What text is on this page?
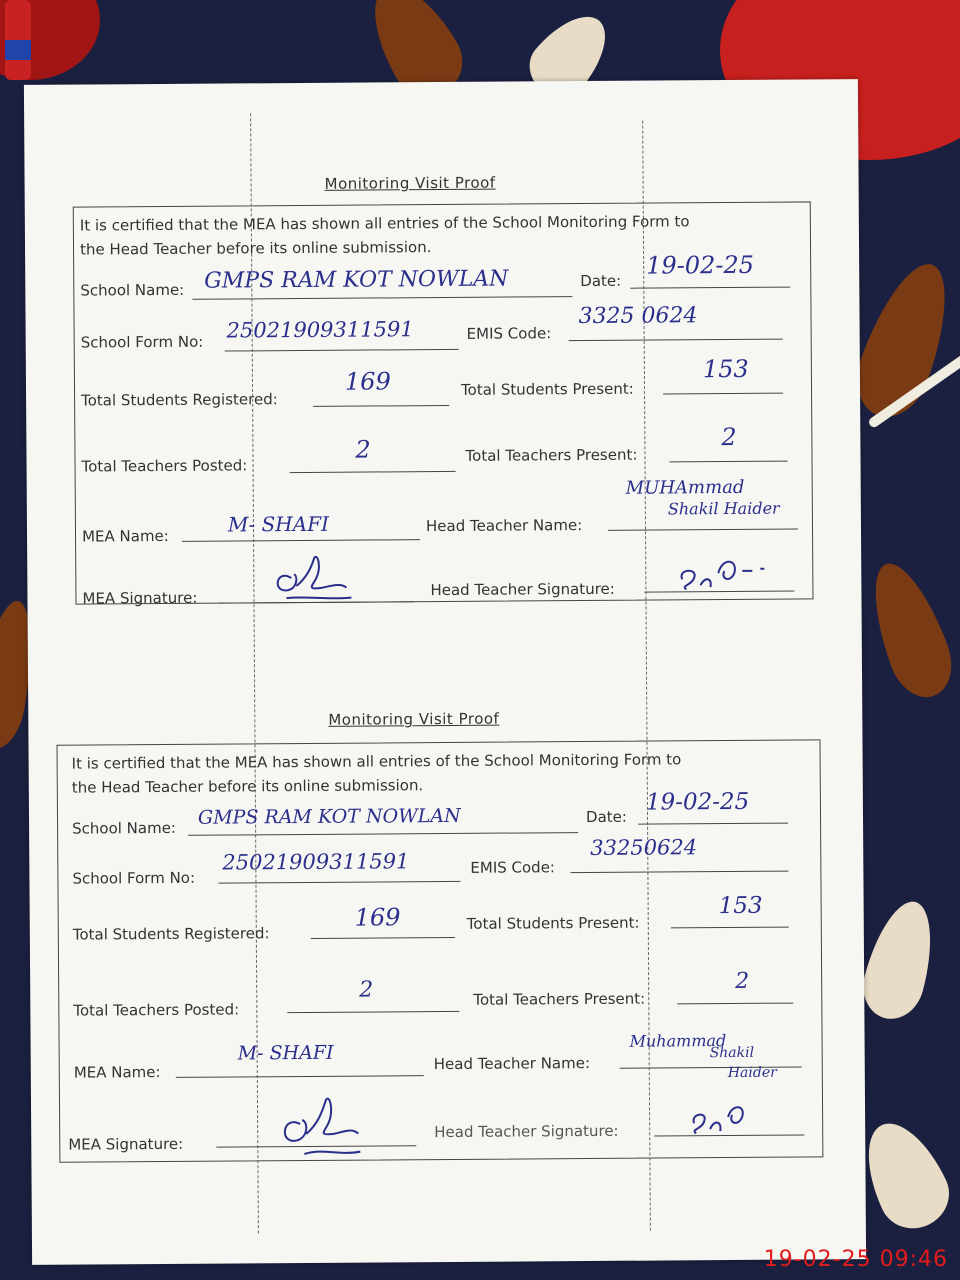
Monitoring Visit Proof
It is certified that the MEA has shown all entries of the School Monitoring Form to
the Head Teacher before its online submission.
School Name: GMPS RAM KOT NOWLAN	Date:
19-02-25
School Form No: 25021909311591	EMIS Code:
3325 0624
Total Students Registered:
169	Total Students Present:
153
Total Teachers Posted:
2	Total Teachers Present:
2
MEA Name:	M- SHAFI	Head Teacher Name:
MUHAmmad
Shakil Haider
MEA Signature:	Head Teacher Signature:
Monitoring Visit Proof
It is certified that the MEA has shown all entries of the School Monitoring Form to
the Head Teacher before its online submission.
School Name: GMPS RAM KOT NOWLAN	Date:
19-02-25
School Form No:
25021909311591	EMIS Code:
33250624
Total Students Registered:
169	Total Students Present:
153
Total Teachers Posted:
2	Total Teachers Present:
2
MEA Name:
M- SHAFI	Head Teacher Name:
Muhammad
Shakil
Haider
MEA Signature:
Head Teacher Signature:
19-02-25 09:46
